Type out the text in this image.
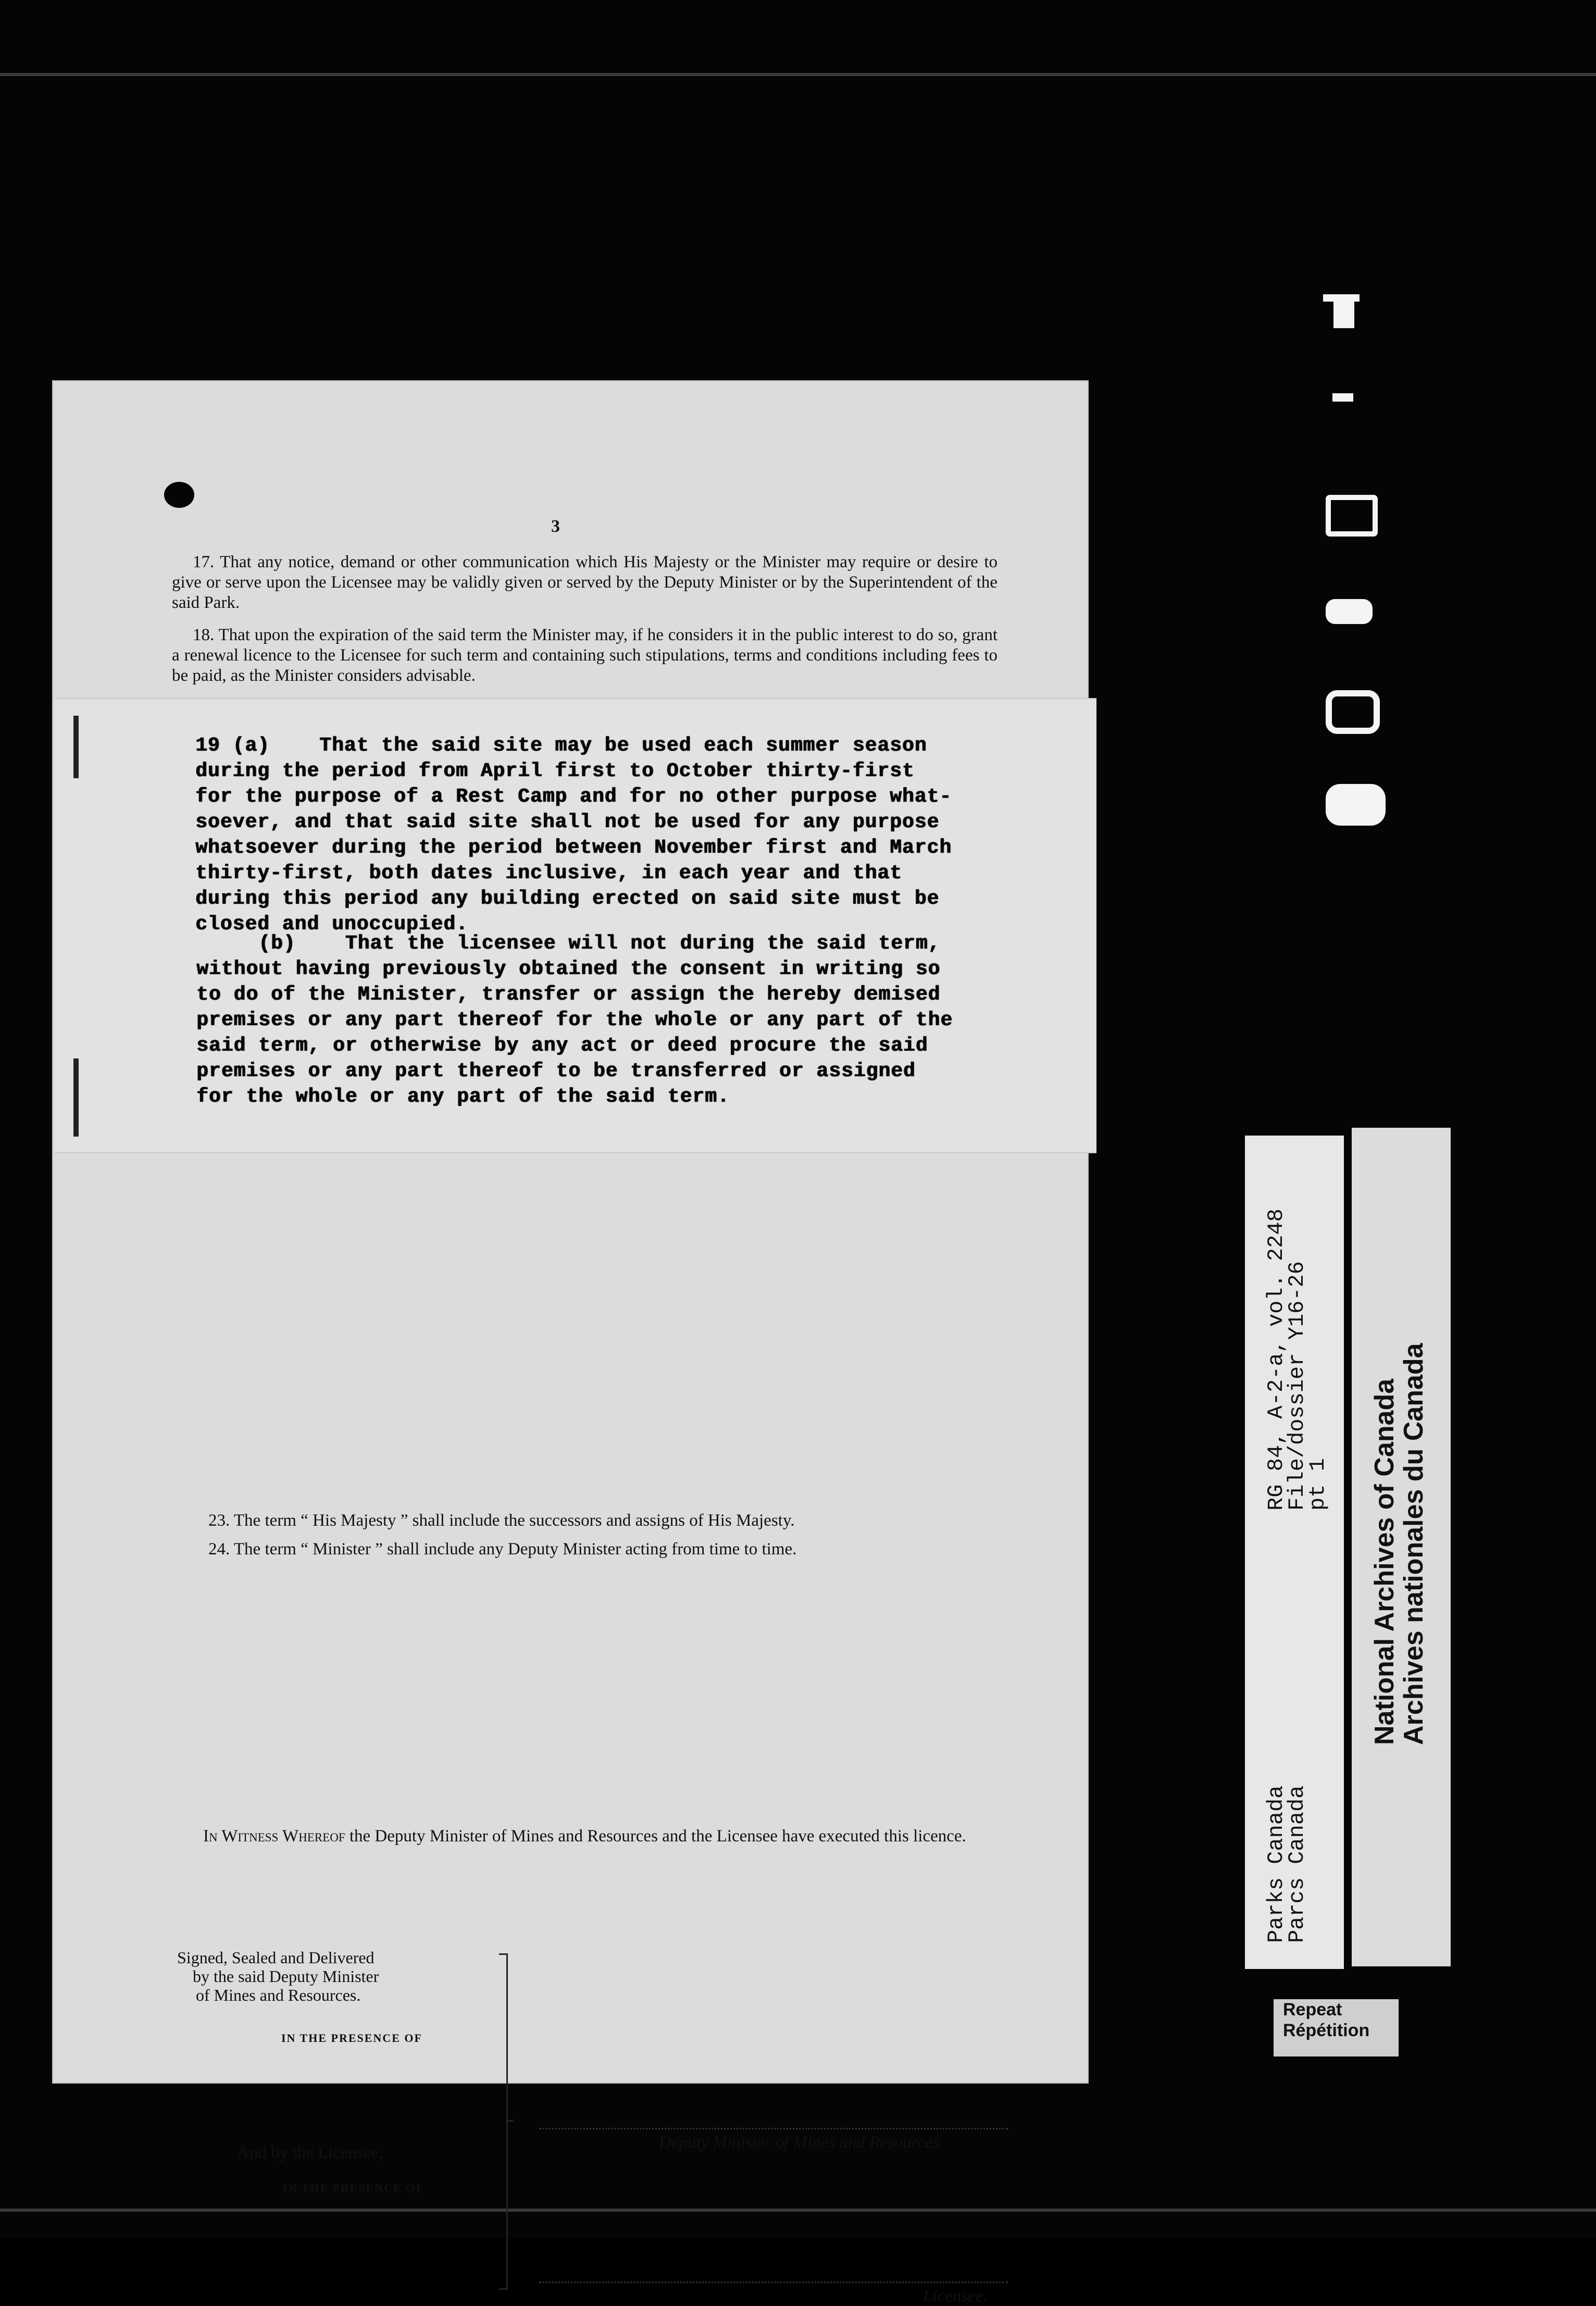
3
17. That any notice, demand or other communication which His Majesty or the Minister may require or desire to give or serve upon the Licensee may be validly given or served by the Deputy Minister or by the Superintendent of the said Park.
18. That upon the expiration of the said term the Minister may, if he considers it in the public interest to do so, grant a renewal licence to the Licensee for such term and containing such stipulations, terms and conditions including fees to be paid, as the Minister considers advisable.
23. The term “ His Majesty ” shall include the successors and assigns of His Majesty.
24. The term “ Minister ” shall include any Deputy Minister acting from time to time.
In Witness Whereof the Deputy Minister of Mines and Resources and the Licensee have executed this licence.
Signed, Sealed and Delivered
by the said Deputy Minister
of Mines and Resources.
IN THE PRESENCE OF
And by the Licensee,
IN THE PRESENCE OF
Deputy Minister of Mines and Resources.
Licensee.
19 (a)    That the said site may be used each summer season
during the period from April first to October thirty-first
for the purpose of a Rest Camp and for no other purpose what-
soever, and that said site shall not be used for any purpose
whatsoever during the period between November first and March
thirty-first, both dates inclusive, in each year and that
during this period any building erected on said site must be
closed and unoccupied.
(b)    That the licensee will not during the said term,
without having previously obtained the consent in writing so
to do of the Minister, transfer or assign the hereby demised
premises or any part thereof for the whole or any part of the
said term, or otherwise by any act or deed procure the said
premises or any part thereof to be transferred or assigned
for the whole or any part of the said term.
RG 84, A-2-a, vol. 2248
File/dossier Y16-26
pt 1
Parks Canada
Parcs Canada
National Archives of Canada
Archives nationales du Canada
Repeat
Répétition
